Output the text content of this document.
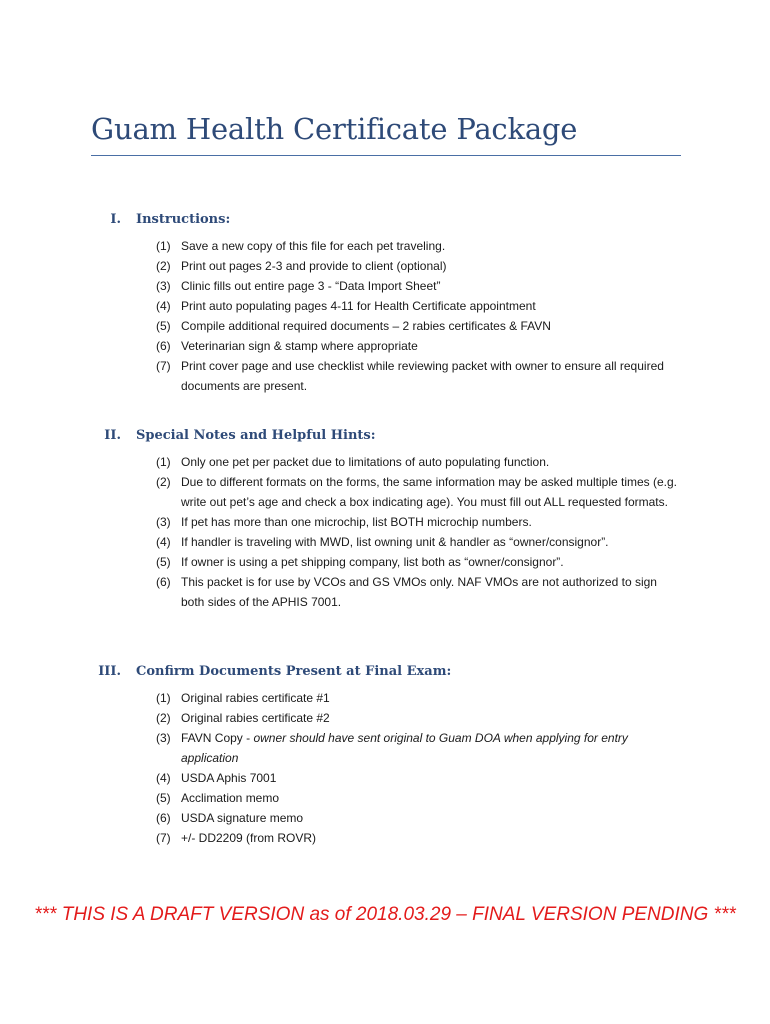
Guam Health Certificate Package
I. Instructions:
(1) Save a new copy of this file for each pet traveling.
(2) Print out pages 2-3 and provide to client (optional)
(3) Clinic fills out entire page 3 - “Data Import Sheet”
(4) Print auto populating pages 4-11 for Health Certificate appointment
(5) Compile additional required documents – 2 rabies certificates & FAVN
(6) Veterinarian sign & stamp where appropriate
(7) Print cover page and use checklist while reviewing packet with owner to ensure all required documents are present.
II. Special Notes and Helpful Hints:
(1) Only one pet per packet due to limitations of auto populating function.
(2) Due to different formats on the forms, the same information may be asked multiple times (e.g. write out pet’s age and check a box indicating age). You must fill out ALL requested formats.
(3) If pet has more than one microchip, list BOTH microchip numbers.
(4) If handler is traveling with MWD, list owning unit & handler as “owner/consignor”.
(5) If owner is using a pet shipping company, list both as “owner/consignor”.
(6) This packet is for use by VCOs and GS VMOs only. NAF VMOs are not authorized to sign both sides of the APHIS 7001.
III. Confirm Documents Present at Final Exam:
(1) Original rabies certificate #1
(2) Original rabies certificate #2
(3) FAVN Copy - owner should have sent original to Guam DOA when applying for entry application
(4) USDA Aphis 7001
(5) Acclimation memo
(6) USDA signature memo
(7) +/- DD2209 (from ROVR)
*** THIS IS A DRAFT VERSION as of 2018.03.29 – FINAL VERSION PENDING ***
